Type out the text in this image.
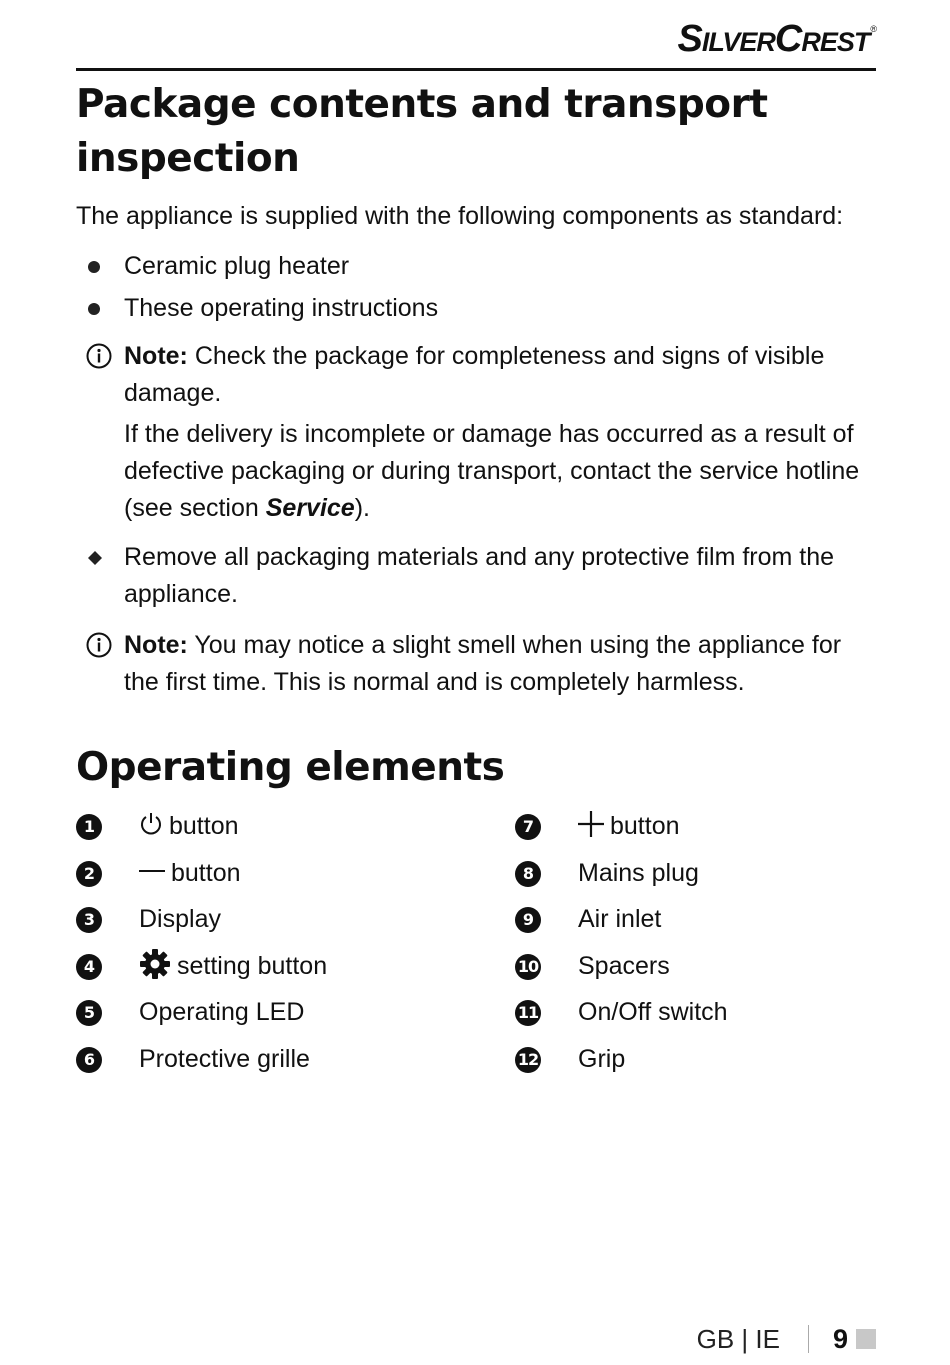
SilverCrest®
Package contents and transport inspection

The appliance is supplied with the following components as standard:

Ceramic plug heater
These operating instructions

Note: Check the package for completeness and signs of visible damage.

If the delivery is incomplete or damage has occurred as a result of defective packaging or during transport, contact the service hotline (see section Service).

Remove all packaging materials and any protective film from the appliance.

Note: You may notice a slight smell when using the appliance for the first time. This is normal and is completely harmless.

Operating elements
1	button
2	button
3	Display
4	setting button
5	Operating LED
6	Protective grille
7	button
8	Mains plug
9	Air inlet
10 Spacers
11 On/Off switch
12 Grip
GB | IE 9
